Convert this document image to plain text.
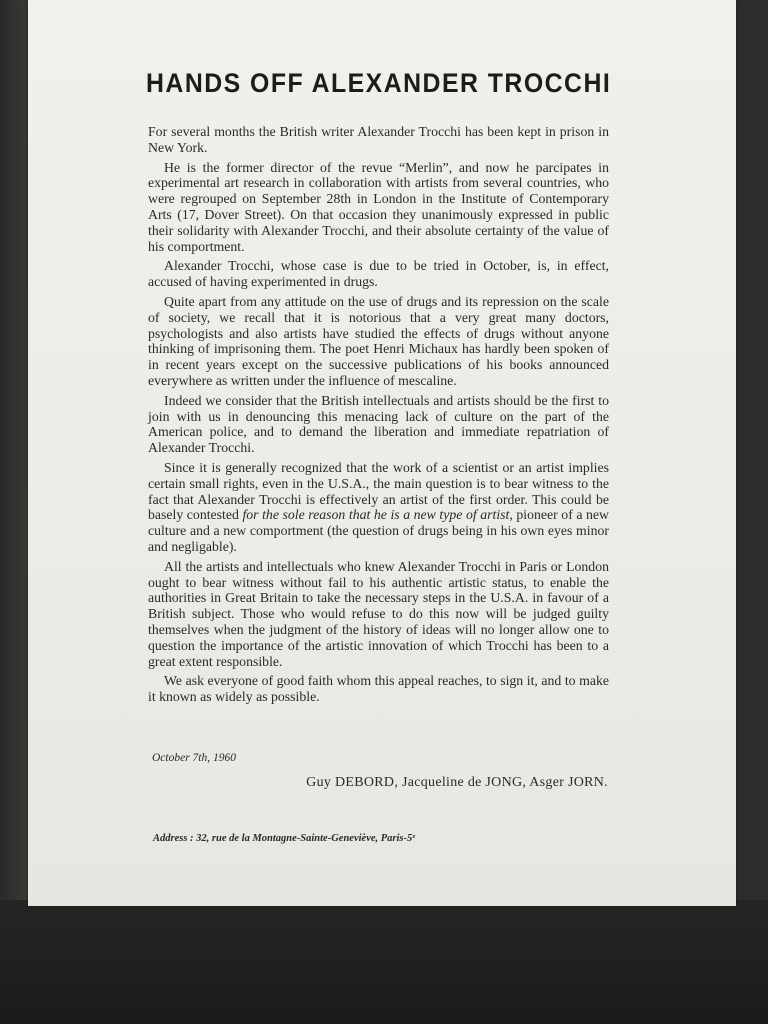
HANDS OFF ALEXANDER TROCCHI

For several months the British writer Alexander Trocchi has been kept in prison in New York.

He is the former director of the revue “Merlin”, and now he parcipates in experimental art research in collaboration with artists from several countries, who were regrouped on September 28th in London in the Institute of Contemporary Arts (17, Dover Street). On that occasion they unanimously expressed in public their solidarity with Alexander Trocchi, and their absolute certainty of the value of his comportment.

Alexander Trocchi, whose case is due to be tried in October, is, in effect, accused of having experimented in drugs.

Quite apart from any attitude on the use of drugs and its repression on the scale of society, we recall that it is notorious that a very great many doctors, psychologists and also artists have studied the effects of drugs without anyone thinking of imprisoning them. The poet Henri Michaux has hardly been spoken of in recent years except on the successive publications of his books announced everywhere as written under the influence of mescaline.

Indeed we consider that the British intellectuals and artists should be the first to join with us in denouncing this menacing lack of culture on the part of the American police, and to demand the liberation and immediate repatriation of Alexander Trocchi.

Since it is generally recognized that the work of a scientist or an artist implies certain small rights, even in the U.S.A., the main question is to bear witness to the fact that Alexander Trocchi is effectively an artist of the first order. This could be basely contested for the sole reason that he is a new type of artist, pioneer of a new culture and a new comportment (the question of drugs being in his own eyes minor and negligable).

All the artists and intellectuals who knew Alexander Trocchi in Paris or London ought to bear witness without fail to his authentic artistic status, to enable the authorities in Great Britain to take the necessary steps in the U.S.A. in favour of a British subject. Those who would refuse to do this now will be judged guilty themselves when the judgment of the history of ideas will no longer allow one to question the importance of the artistic innovation of which Trocchi has been to a great extent responsible.

We ask everyone of good faith whom this appeal reaches, to sign it, and to make it known as widely as possible.

October 7th, 1960
Guy DEBORD, Jacqueline de JONG, Asger JORN.
Address : 32, rue de la Montagne-Sainte-Geneviève, Paris-5ᵉ
